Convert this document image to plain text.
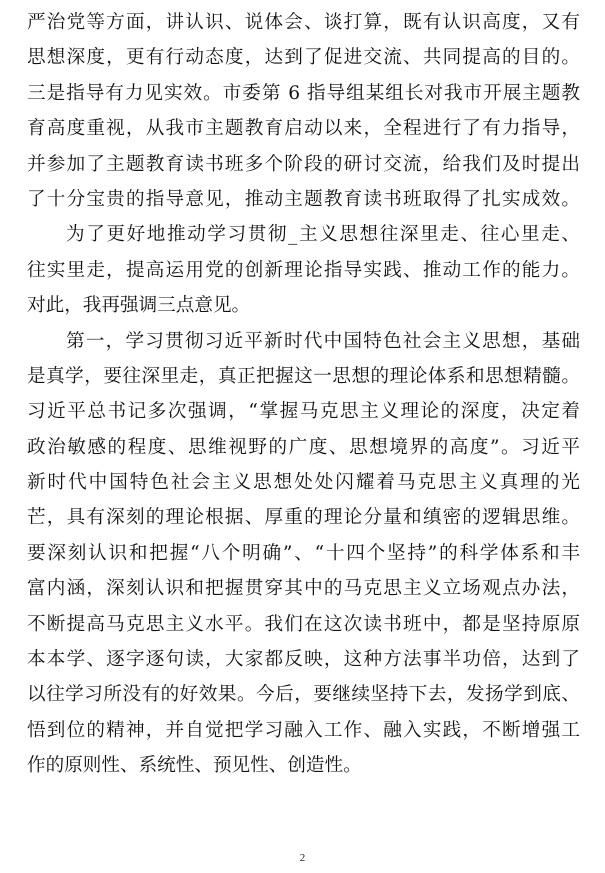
严治党等方面，讲认识、说体会、谈打算，既有认识高度，又有
思想深度，更有行动态度，达到了促进交流、共同提高的目的。
三是指导有力见实效。市委第 6 指导组某组长对我市开展主题教
育高度重视，从我市主题教育启动以来，全程进行了有力指导，
并参加了主题教育读书班多个阶段的研讨交流，给我们及时提出
了十分宝贵的指导意见，推动主题教育读书班取得了扎实成效。
为了更好地推动学习贯彻_主义思想往深里走、往心里走、
往实里走，提高运用党的创新理论指导实践、推动工作的能力。
对此，我再强调三点意见。
第一，学习贯彻习近平新时代中国特色社会主义思想，基础
是真学，要往深里走，真正把握这一思想的理论体系和思想精髓。
习近平总书记多次强调，“掌握马克思主义理论的深度，决定着
政治敏感的程度、思维视野的广度、思想境界的高度”。习近平
新时代中国特色社会主义思想处处闪耀着马克思主义真理的光
芒，具有深刻的理论根据、厚重的理论分量和缜密的逻辑思维。
要深刻认识和把握“八个明确”、“十四个坚持”的科学体系和丰
富内涵，深刻认识和把握贯穿其中的马克思主义立场观点办法，
不断提高马克思主义水平。我们在这次读书班中，都是坚持原原
本本学、逐字逐句读，大家都反映，这种方法事半功倍，达到了
以往学习所没有的好效果。今后，要继续坚持下去，发扬学到底、
悟到位的精神，并自觉把学习融入工作、融入实践，不断增强工
作的原则性、系统性、预见性、创造性。
2
